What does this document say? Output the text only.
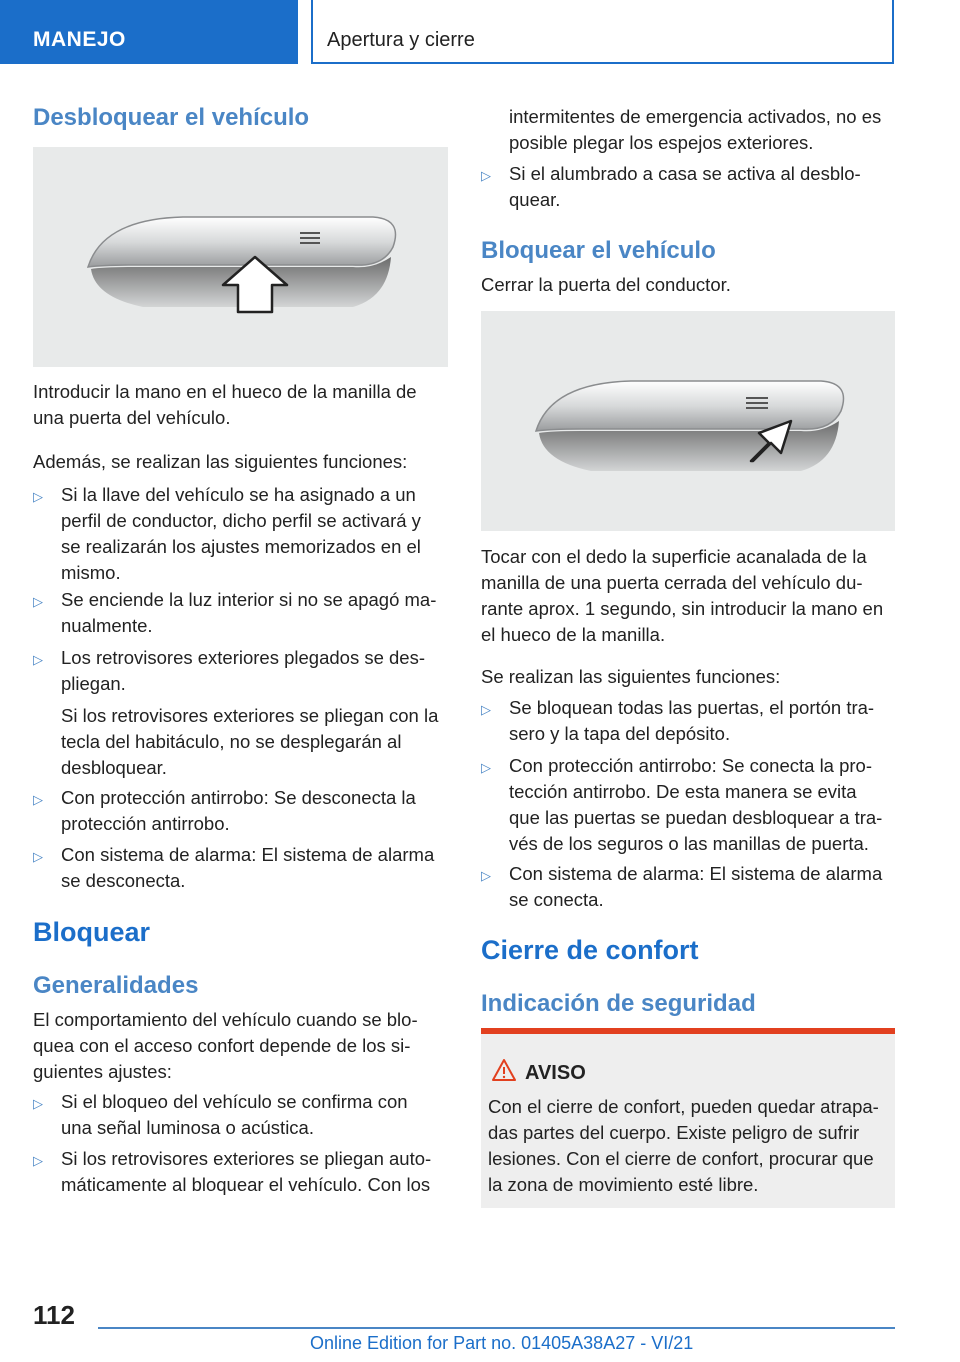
MANEJO	Apertura y cierre
Desbloquear el vehículo
Introducir la mano en el hueco de la manilla de
una puerta del vehículo.
Además, se realizan las siguientes funciones:
▷ Si la llave del vehículo se ha asignado a un
perfil de conductor, dicho perfil se activará y
se realizarán los ajustes memorizados en el
mismo.
▷ Se enciende la luz interior si no se apagó ma-
nualmente.
▷ Los retrovisores exteriores plegados se des-
pliegan.
Si los retrovisores exteriores se pliegan con la
tecla del habitáculo, no se desplegarán al
desbloquear.
▷ Con protección antirrobo: Se desconecta la
protección antirrobo.
▷ Con sistema de alarma: El sistema de alarma
se desconecta.
Bloquear
Generalidades
El comportamiento del vehículo cuando se blo-
quea con el acceso confort depende de los si-
guientes ajustes:
▷ Si el bloqueo del vehículo se confirma con
una señal luminosa o acústica.
▷ Si los retrovisores exteriores se pliegan auto-
máticamente al bloquear el vehículo. Con los
intermitentes de emergencia activados, no es
posible plegar los espejos exteriores.
▷ Si el alumbrado a casa se activa al desblo-
quear.
Bloquear el vehículo
Cerrar la puerta del conductor.
Tocar con el dedo la superficie acanalada de la
manilla de una puerta cerrada del vehículo du-
rante aprox. 1 segundo, sin introducir la mano en
el hueco de la manilla.
Se realizan las siguientes funciones:
▷ Se bloquean todas las puertas, el portón tra-
sero y la tapa del depósito.
▷ Con protección antirrobo: Se conecta la pro-
tección antirrobo. De esta manera se evita
que las puertas se puedan desbloquear a tra-
vés de los seguros o las manillas de puerta.
▷ Con sistema de alarma: El sistema de alarma
se conecta.
Cierre de confort
Indicación de seguridad
AVISO
Con el cierre de confort, pueden quedar atrapa-
das partes del cuerpo. Existe peligro de sufrir
lesiones. Con el cierre de confort, procurar que
la zona de movimiento esté libre.
112
Online Edition for Part no. 01405A38A27 - VI/21
